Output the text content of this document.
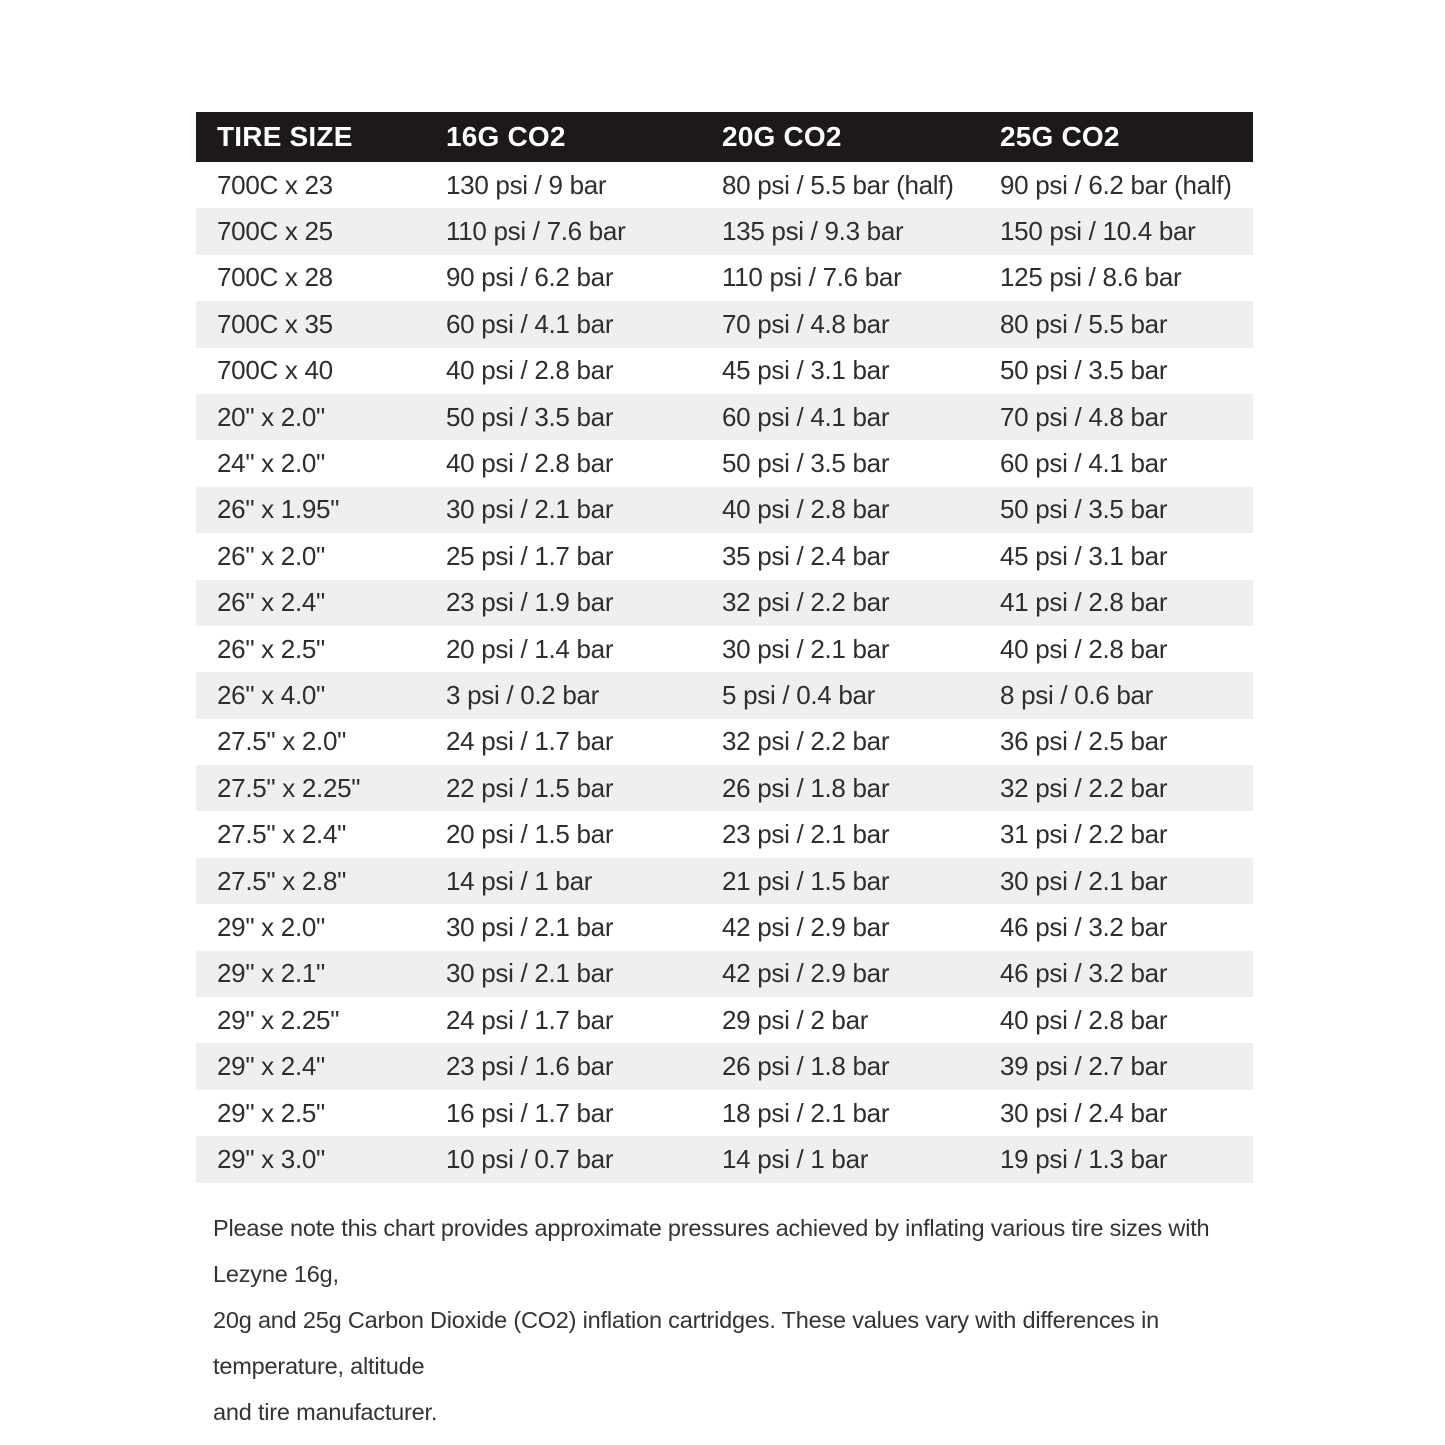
TIRE SIZE	16G CO2	20G CO2	25G CO2
700C x 23	130 psi / 9 bar	80 psi / 5.5 bar (half)	90 psi / 6.2 bar (half)
700C x 25	110 psi / 7.6 bar	135 psi / 9.3 bar	150 psi / 10.4 bar
700C x 28	90 psi / 6.2 bar	110 psi / 7.6 bar	125 psi / 8.6 bar
700C x 35	60 psi / 4.1 bar	70 psi / 4.8 bar	80 psi / 5.5 bar
700C x 40	40 psi / 2.8 bar	45 psi / 3.1 bar	50 psi / 3.5 bar
20" x 2.0"	50 psi / 3.5 bar	60 psi / 4.1 bar	70 psi / 4.8 bar
24" x 2.0"	40 psi / 2.8 bar	50 psi / 3.5 bar	60 psi / 4.1 bar
26" x 1.95"	30 psi / 2.1 bar	40 psi / 2.8 bar	50 psi / 3.5 bar
26" x 2.0"	25 psi / 1.7 bar	35 psi / 2.4 bar	45 psi / 3.1 bar
26" x 2.4"	23 psi / 1.9 bar	32 psi / 2.2 bar	41 psi / 2.8 bar
26" x 2.5"	20 psi / 1.4 bar	30 psi / 2.1 bar	40 psi / 2.8 bar
26" x 4.0"	3 psi / 0.2 bar	5 psi / 0.4 bar	8 psi / 0.6 bar
27.5" x 2.0"	24 psi / 1.7 bar	32 psi / 2.2 bar	36 psi / 2.5 bar
27.5" x 2.25"	22 psi / 1.5 bar	26 psi / 1.8 bar	32 psi / 2.2 bar
27.5" x 2.4"	20 psi / 1.5 bar	23 psi / 2.1 bar	31 psi / 2.2 bar
27.5" x 2.8"	14 psi / 1 bar	21 psi / 1.5 bar	30 psi / 2.1 bar
29" x 2.0"	30 psi / 2.1 bar	42 psi / 2.9 bar	46 psi / 3.2 bar
29" x 2.1"	30 psi / 2.1 bar	42 psi / 2.9 bar	46 psi / 3.2 bar
29" x 2.25"	24 psi / 1.7 bar	29 psi / 2 bar	40 psi / 2.8 bar
29" x 2.4"	23 psi / 1.6 bar	26 psi / 1.8 bar	39 psi / 2.7 bar
29" x 2.5"	16 psi / 1.7 bar	18 psi / 2.1 bar	30 psi / 2.4 bar
29" x 3.0"	10 psi / 0.7 bar	14 psi / 1 bar	19 psi / 1.3 bar
Please note this chart provides approximate pressures achieved by inflating various tire sizes with Lezyne 16g,
20g and 25g Carbon Dioxide (CO2) inflation cartridges. These values vary with differences in temperature, altitude
and tire manufacturer.
